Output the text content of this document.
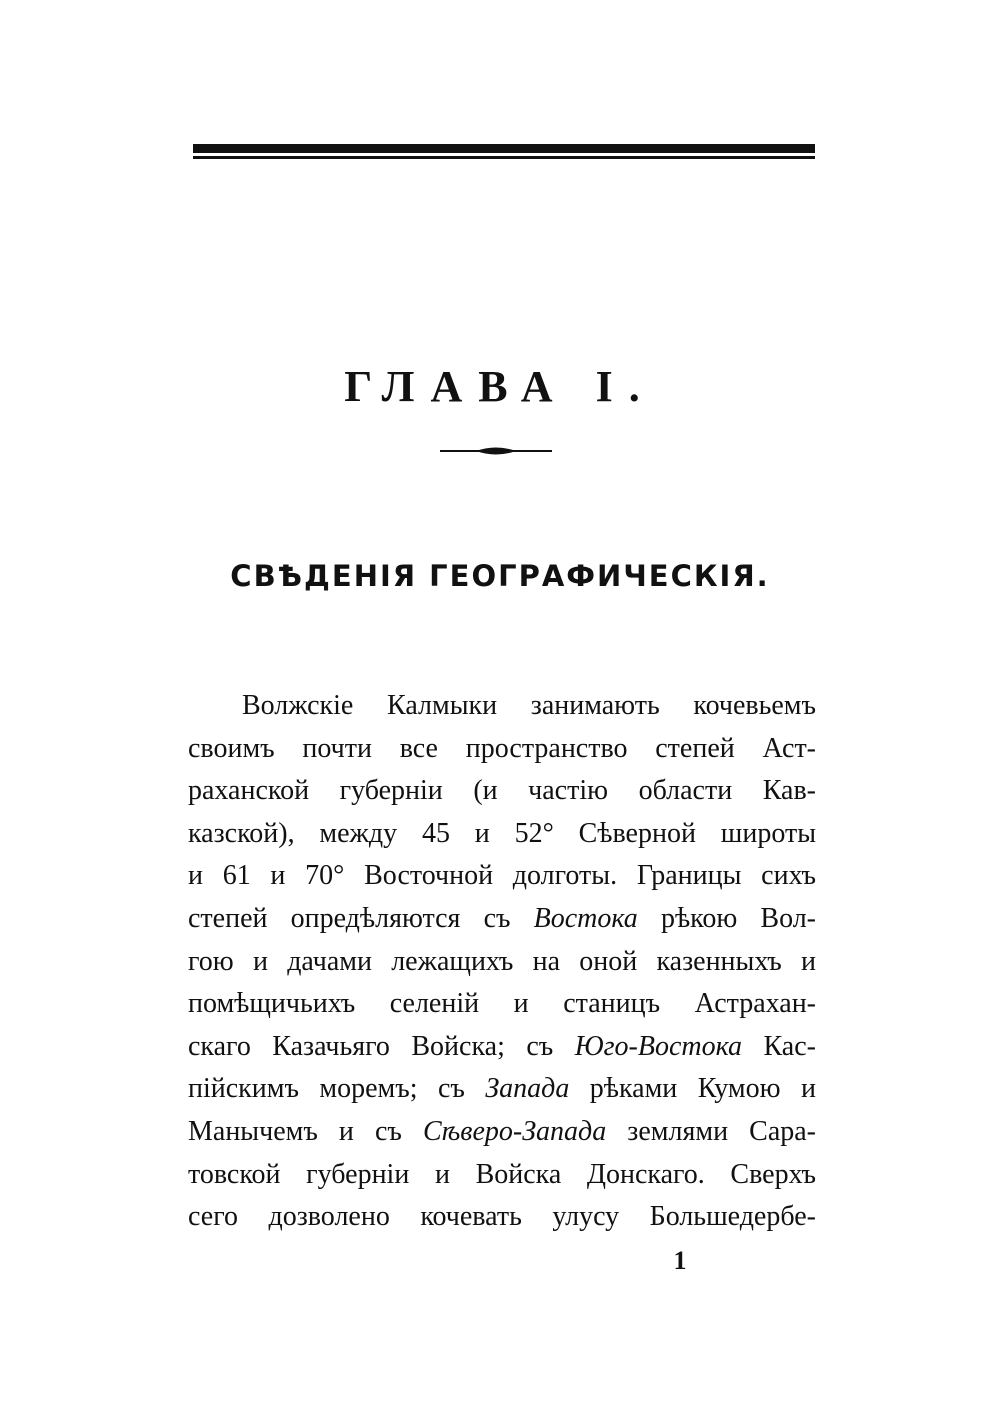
ГЛАВА I.
СВѢДЕНІЯ ГЕОГРАФИЧЕСКІЯ.
Волжскіе Калмыки занимають кочевьемъ
своимъ почти все пространство степей Аст-
раханской губерніи (и частію области Кав-
казской), между 45 и 52° Сѣверной широты
и 61 и 70° Восточной долготы. Границы сихъ
степей опредѣляются съ Востока рѣкою Вол-
гою и дачами лежащихъ на оной казенныхъ и
помѣщичьихъ селеній и станицъ Астрахан-
скаго Казачьяго Войска; съ Юго-Востока Кас-
пійскимъ моремъ; съ Запада рѣками Кумою и
Манычемъ и съ Сѣверо-Запада землями Сара-
товской губерніи и Войска Донскаго. Сверхъ
сего дозволено кочевать улусу Большедербе-
1
